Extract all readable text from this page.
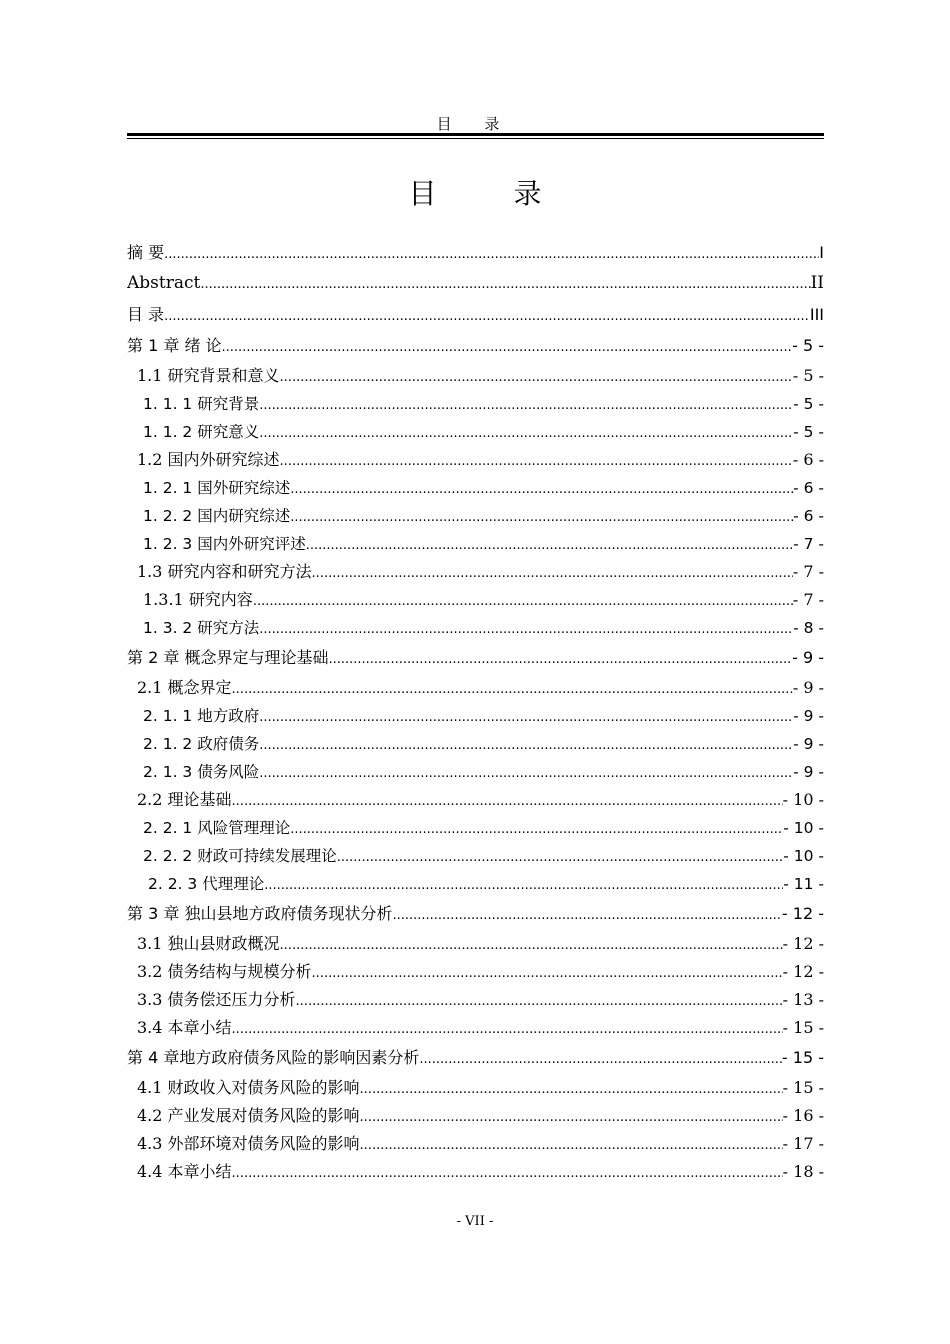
目 录
目 录
摘 要 .....	I
Abstract .....	II
目 录 .....	III
第 1 章 绪 论 .....	- 5 -
1.1 研究背景和意义 .....	- 5 -
1. 1. 1 研究背景 .....	- 5 -
1. 1. 2 研究意义 .....	- 5 -
1.2 国内外研究综述 .....	- 6 -
1. 2. 1 国外研究综述 .....	- 6 -
1. 2. 2 国内研究综述 .....	- 6 -
1. 2. 3 国内外研究评述 .....	- 7 -
1.3 研究内容和研究方法 .....	- 7 -
1.3.1 研究内容 .....	- 7 -
1. 3. 2 研究方法 .....	- 8 -
第 2 章 概念界定与理论基础 .....	- 9 -
2.1 概念界定 .....	- 9 -
2. 1. 1 地方政府 .....	- 9 -
2. 1. 2 政府债务 .....	- 9 -
2. 1. 3 债务风险 .....	- 9 -
2.2 理论基础 .....	- 10 -
2. 2. 1 风险管理理论 .....	- 10 -
2. 2. 2 财政可持续发展理论 .....	- 10 -
2. 2. 3 代理理论 .....	- 11 -
第 3 章 独山县地方政府债务现状分析 .....	- 12 -
3.1 独山县财政概况 .....	- 12 -
3.2 债务结构与规模分析 .....	- 12 -
3.3 债务偿还压力分析 .....	- 13 -
3.4 本章小结 .....	- 15 -
第 4 章地方政府债务风险的影响因素分析 .....	- 15 -
4.1 财政收入对债务风险的影响 .....	- 15 -
4.2 产业发展对债务风险的影响 .....	- 16 -
4.3 外部环境对债务风险的影响 .....	- 17 -
4.4 本章小结 .....	- 18 -
- VII -
